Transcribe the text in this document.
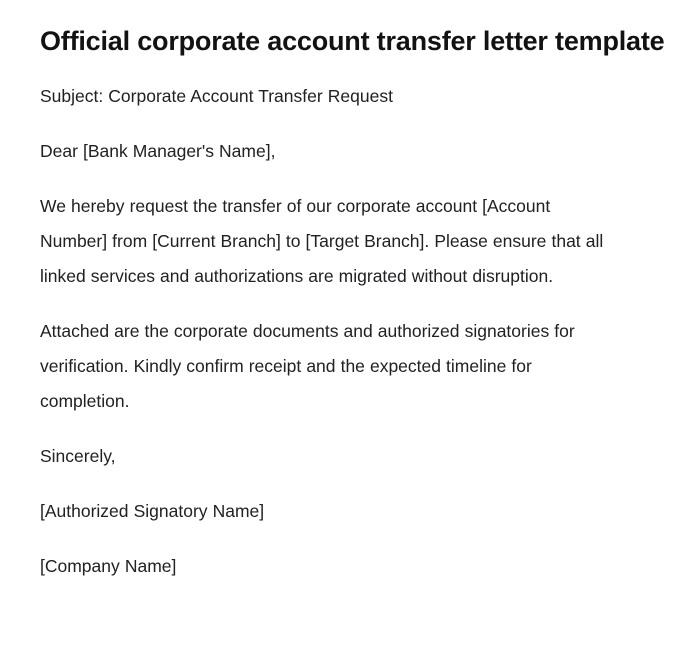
Official corporate account transfer letter template

Subject: Corporate Account Transfer Request

Dear [Bank Manager's Name],

We hereby request the transfer of our corporate account [Account Number] from [Current Branch] to [Target Branch]. Please ensure that all linked services and authorizations are migrated without disruption.

Attached are the corporate documents and authorized signatories for verification. Kindly confirm receipt and the expected timeline for completion.

Sincerely,

[Authorized Signatory Name]

[Company Name]
